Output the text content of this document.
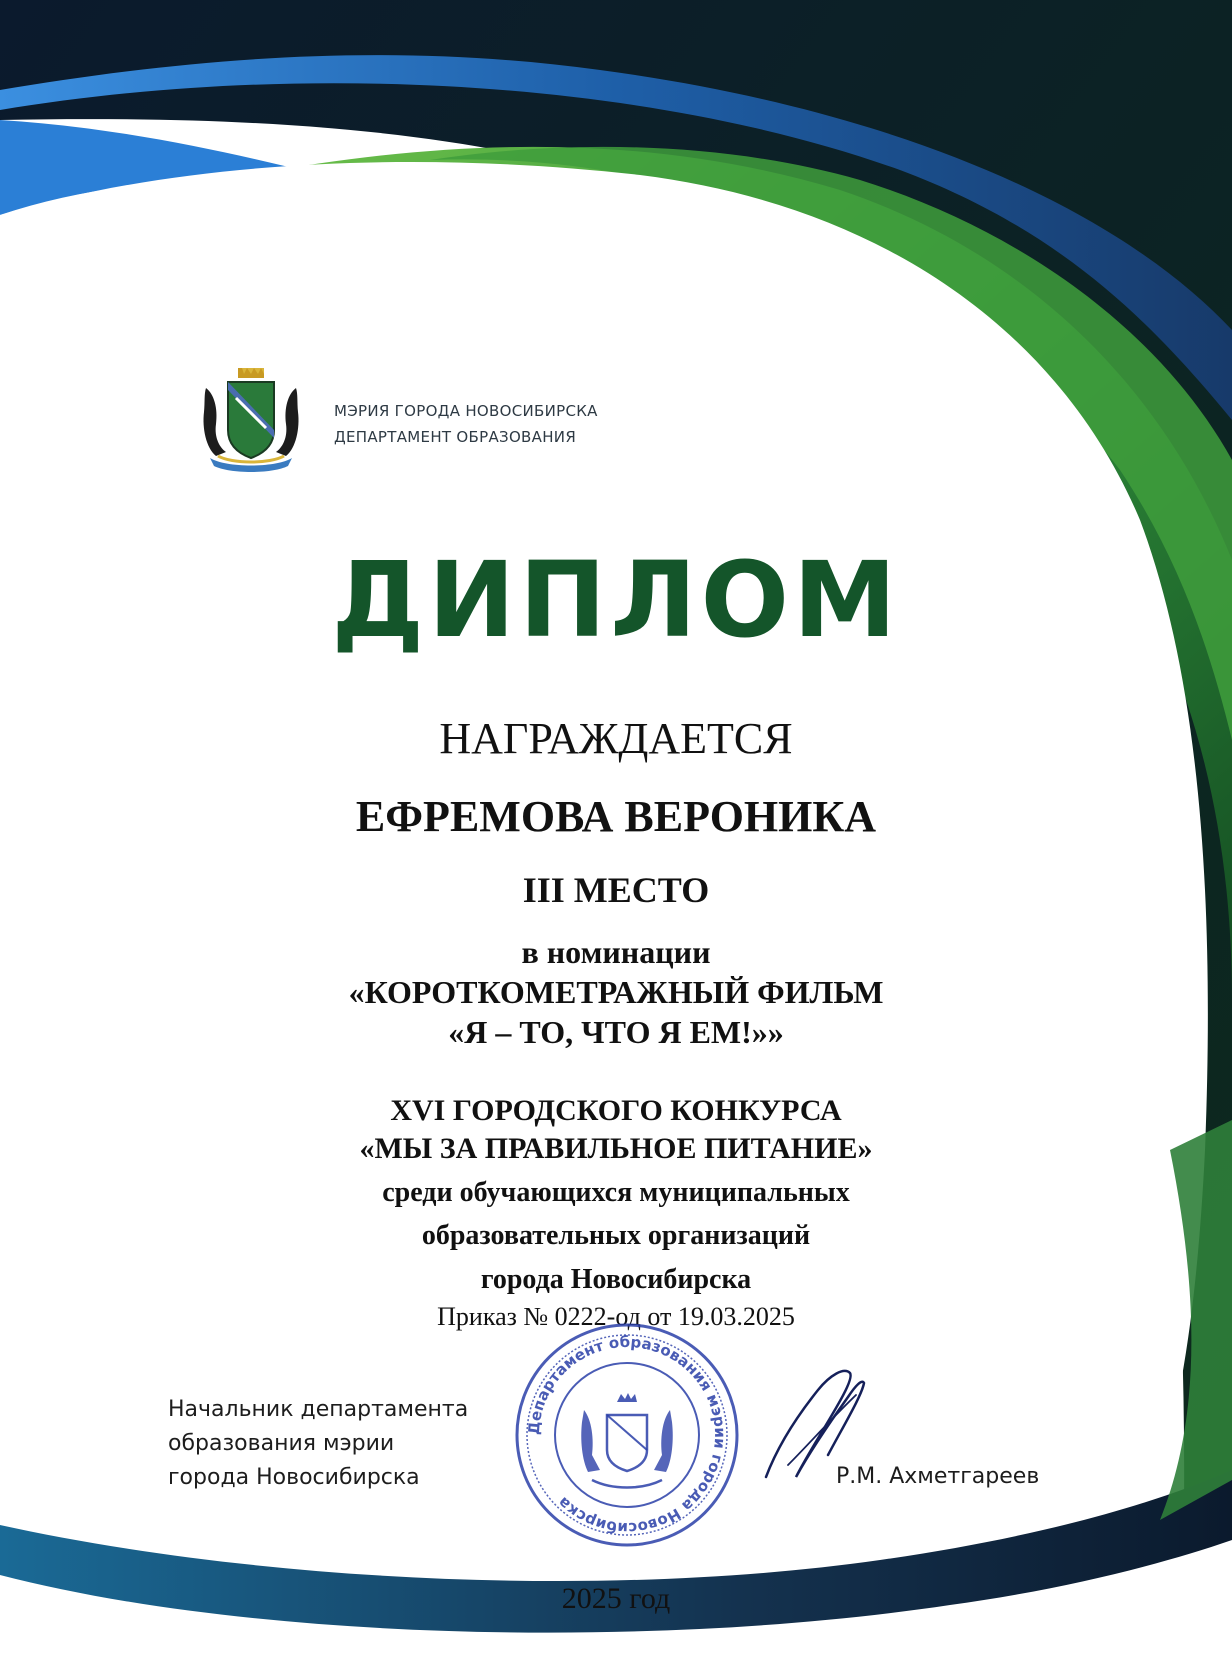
МЭРИЯ ГОРОДА НОВОСИБИРСКА
ДЕПАРТАМЕНТ ОБРАЗОВАНИЯ
ДИПЛОМ
НАГРАЖДАЕТСЯ
ЕФРЕМОВА ВЕРОНИКА
III МЕСТО
в номинации
«КОРОТКОМЕТРАЖНЫЙ ФИЛЬМ
«Я – ТО, ЧТО Я ЕМ!»»
XVI ГОРОДСКОГО КОНКУРСА
«МЫ ЗА ПРАВИЛЬНОЕ ПИТАНИЕ»
среди обучающихся муниципальных
образовательных организаций
города Новосибирска
Приказ № 0222-од от 19.03.2025
Начальник департамента
образования мэрии
города Новосибирска
Департамент образования мэрии города Новосибирска
Р.М. Ахметгареев
2025 год
